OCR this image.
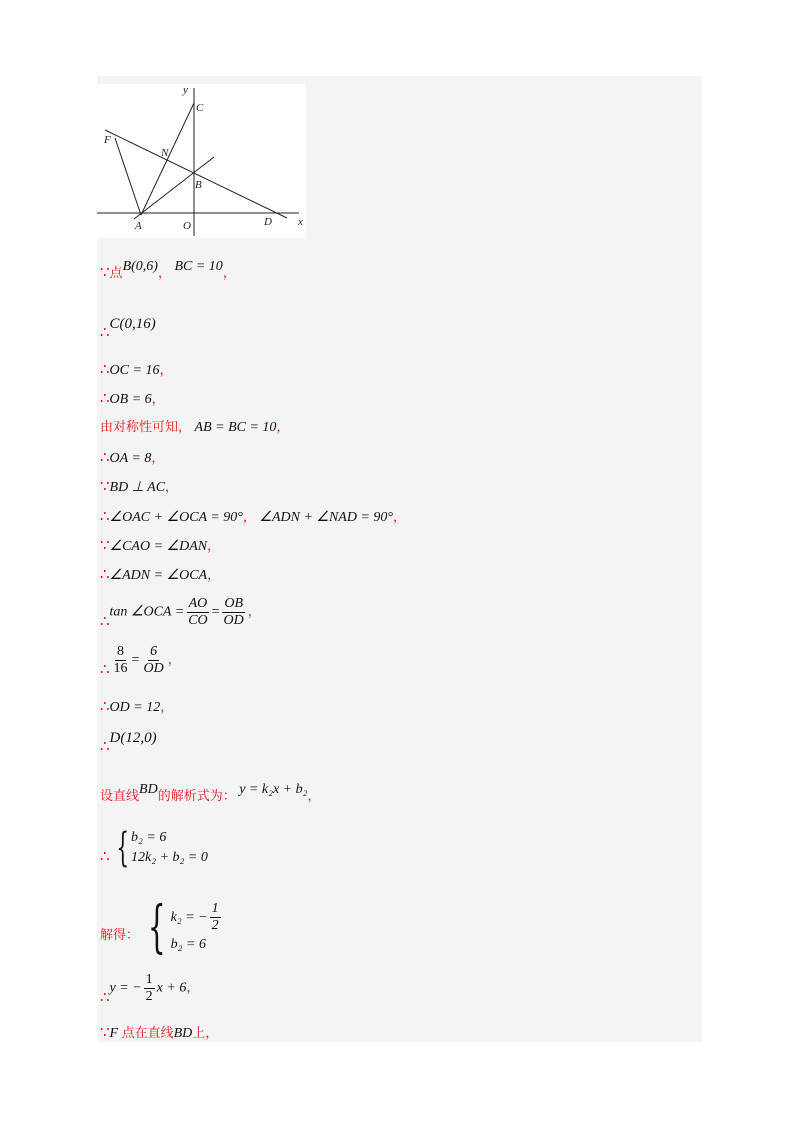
y
x
C
F
N
B
A	O	D
∵点B(0,6)， BC = 10，
∴C(0,16)
∴OC = 16，
∴OB = 6，
由对称性可知， AB = BC = 10，
∴OA = 8，
∵BD ⊥ AC，
∴∠OAC + ∠OCA = 90°， ∠ADN + ∠NAD = 90°，
∵∠CAO = ∠DAN，
∴∠ADN = ∠OCA，
∴tan ∠OCA = $\frac{AO}{CO} = \frac{OB}{OD}$ ，
∴ $\frac{8}{16} = \frac{6}{OD}$ ，
∴OD = 12，
∴D(12,0)
设直线BD的解析式为： y = k₂x + b₂，
∴ { b₂ = 6
12k₂ + b₂ = 0
解得： { k₂ = − $\frac{1}{2}$
b₂ = 6
∴y = − $\frac{1}{2}$ x + 6，
∵F 点在直线BD上，
